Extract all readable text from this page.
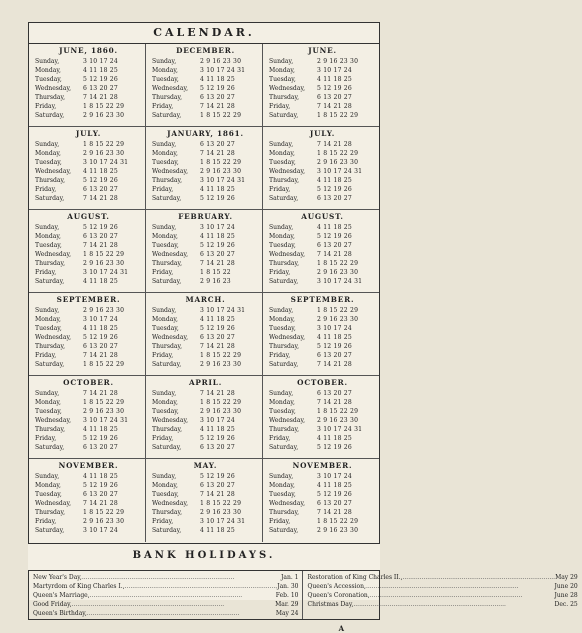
CALENDAR.
JUNE, 1860.
Sunday,	3 10 17 24
Monday,	4 11 18 25
Tuesday,	5 12 19 26
Wednesday,	6 13 20 27
Thursday,	7 14 21 28
Friday,	1 8 15 22 29
Saturday,	2 9 16 23 30
DECEMBER.
Sunday,	2 9 16 23 30
Monday,	3 10 17 24 31
Tuesday,	4 11 18 25
Wednesday,	5 12 19 26
Thursday,	6 13 20 27
Friday,	7 14 21 28
Saturday,	1 8 15 22 29
JUNE.
Sunday,	2 9 16 23 30
Monday,	3 10 17 24
Tuesday,	4 11 18 25
Wednesday,	5 12 19 26
Thursday,	6 13 20 27
Friday,	7 14 21 28
Saturday,	1 8 15 22 29
JULY.
Sunday,	1 8 15 22 29
Monday,	2 9 16 23 30
Tuesday,	3 10 17 24 31
Wednesday,	4 11 18 25
Thursday,	5 12 19 26
Friday,	6 13 20 27
Saturday,	7 14 21 28
JANUARY, 1861.
Sunday,	6 13 20 27
Monday,	7 14 21 28
Tuesday,	1 8 15 22 29
Wednesday,	2 9 16 23 30
Thursday,	3 10 17 24 31
Friday,	4 11 18 25
Saturday,	5 12 19 26
JULY.
Sunday,	7 14 21 28
Monday,	1 8 15 22 29
Tuesday,	2 9 16 23 30
Wednesday,	3 10 17 24 31
Thursday,	4 11 18 25
Friday,	5 12 19 26
Saturday,	6 13 20 27
AUGUST.
Sunday,	5 12 19 26
Monday,	6 13 20 27
Tuesday,	7 14 21 28
Wednesday,	1 8 15 22 29
Thursday,	2 9 16 23 30
Friday,	3 10 17 24 31
Saturday,	4 11 18 25
FEBRUARY.
Sunday,	3 10 17 24
Monday,	4 11 18 25
Tuesday,	5 12 19 26
Wednesday,	6 13 20 27
Thursday,	7 14 21 28
Friday,	1 8 15 22
Saturday,	2 9 16 23
AUGUST.
Sunday,	4 11 18 25
Monday,	5 12 19 26
Tuesday,	6 13 20 27
Wednesday,	7 14 21 28
Thursday,	1 8 15 22 29
Friday,	2 9 16 23 30
Saturday,	3 10 17 24 31
SEPTEMBER.
Sunday,	2 9 16 23 30
Monday,	3 10 17 24
Tuesday,	4 11 18 25
Wednesday,	5 12 19 26
Thursday,	6 13 20 27
Friday,	7 14 21 28
Saturday,	1 8 15 22 29
MARCH.
Sunday,	3 10 17 24 31
Monday,	4 11 18 25
Tuesday,	5 12 19 26
Wednesday,	6 13 20 27
Thursday,	7 14 21 28
Friday,	1 8 15 22 29
Saturday,	2 9 16 23 30
SEPTEMBER.
Sunday,	1 8 15 22 29
Monday,	2 9 16 23 30
Tuesday,	3 10 17 24
Wednesday,	4 11 18 25
Thursday,	5 12 19 26
Friday,	6 13 20 27
Saturday,	7 14 21 28
OCTOBER.
Sunday,	7 14 21 28
Monday,	1 8 15 22 29
Tuesday,	2 9 16 23 30
Wednesday,	3 10 17 24 31
Thursday,	4 11 18 25
Friday,	5 12 19 26
Saturday,	6 13 20 27
APRIL.
Sunday,	7 14 21 28
Monday,	1 8 15 22 29
Tuesday,	2 9 16 23 30
Wednesday,	3 10 17 24
Thursday,	4 11 18 25
Friday,	5 12 19 26
Saturday,	6 13 20 27
OCTOBER.
Sunday,	6 13 20 27
Monday,	7 14 21 28
Tuesday,	1 8 15 22 29
Wednesday,	2 9 16 23 30
Thursday,	3 10 17 24 31
Friday,	4 11 18 25
Saturday,	5 12 19 26
NOVEMBER.
Sunday,	4 11 18 25
Monday,	5 12 19 26
Tuesday,	6 13 20 27
Wednesday,	7 14 21 28
Thursday,	1 8 15 22 29
Friday,	2 9 16 23 30
Saturday,	3 10 17 24
MAY.
Sunday,	5 12 19 26
Monday,	6 13 20 27
Tuesday,	7 14 21 28
Wednesday,	1 8 15 22 29
Thursday,	2 9 16 23 30
Friday,	3 10 17 24 31
Saturday,	4 11 18 25
NOVEMBER.
Sunday,	3 10 17 24
Monday,	4 11 18 25
Tuesday,	5 12 19 26
Wednesday,	6 13 20 27
Thursday,	7 14 21 28
Friday,	1 8 15 22 29
Saturday,	2 9 16 23 30
BANK HOLIDAYS.
New Year's Day, .....	Jan. 1
Martyrdom of King Charles I., .....	Jan. 30
Queen's Marriage, .....	Feb. 10
Good Friday, .....	Mar. 29
Queen's Birthday, .....	May 24
Restoration of King Charles II., .....	May 29
Queen's Accession, .....	June 20
Queen's Coronation, .....	June 28
Christmas Day, .....	Dec. 25
A
